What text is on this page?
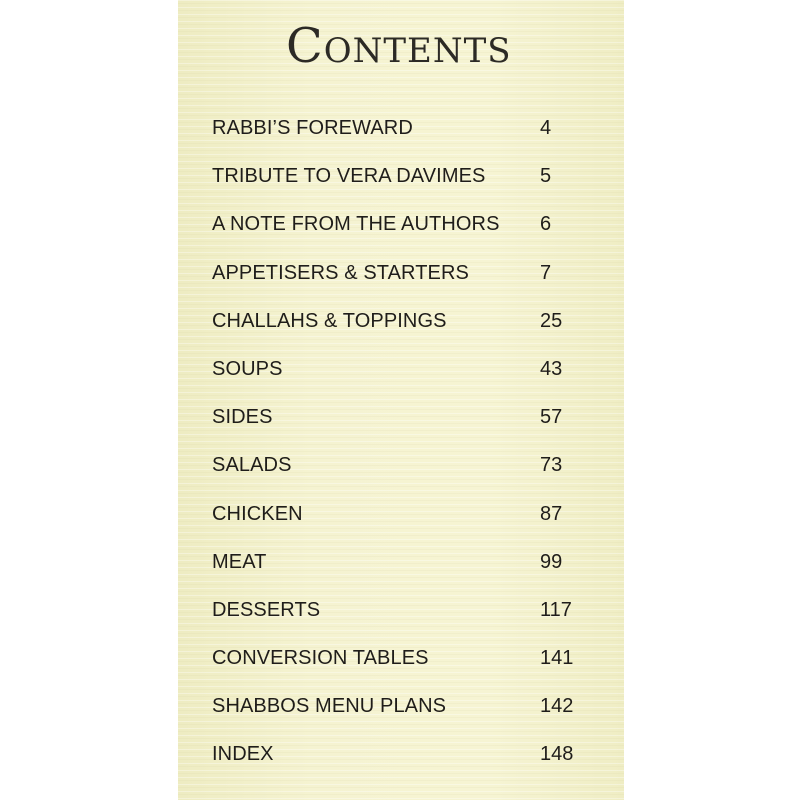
Contents
RABBI’S FOREWARD	4
TRIBUTE TO VERA DAVIMES	5
A NOTE FROM THE AUTHORS 6
APPETISERS & STARTERS	7
CHALLAHS & TOPPINGS	25
SOUPS	43
SIDES	57
SALADS	73
CHICKEN	87
MEAT	99
DESSERTS	117
CONVERSION TABLES	141
SHABBOS MENU PLANS	142
INDEX	148
